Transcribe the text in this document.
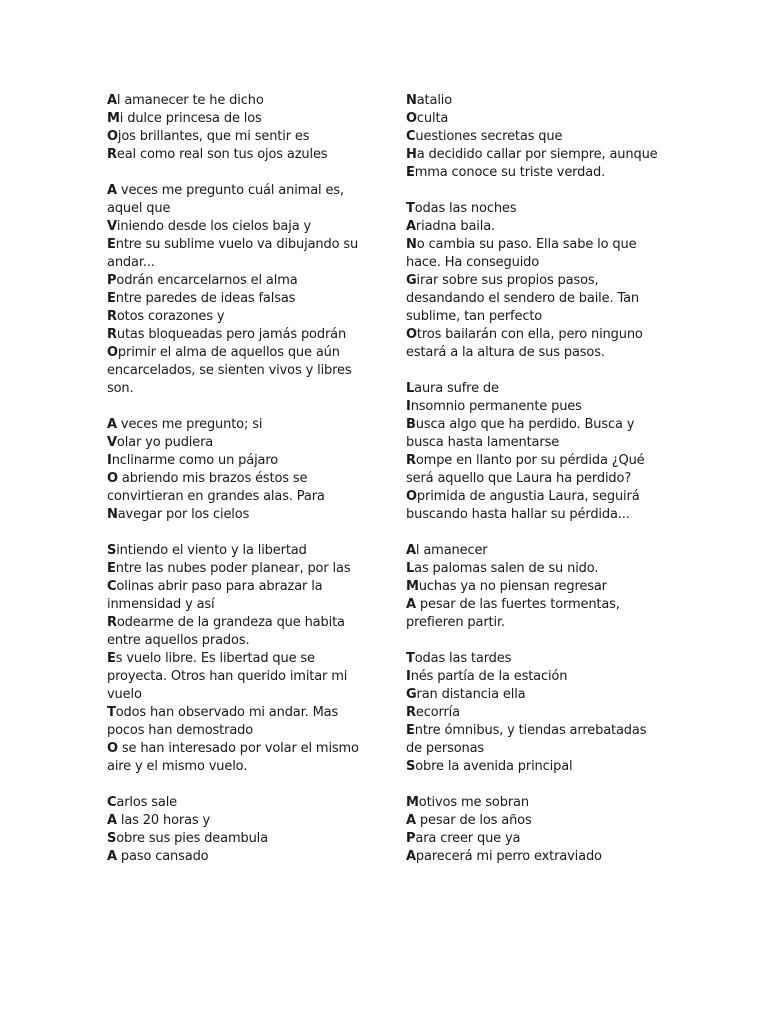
Al amanecer te he dicho
Mi dulce princesa de los
Ojos brillantes, que mi sentir es
Real como real son tus ojos azules
A veces me pregunto cuál animal es, aquel que
Viniendo desde los cielos baja y
Entre su sublime vuelo va dibujando su andar...
Podrán encarcelarnos el alma
Entre paredes de ideas falsas
Rotos corazones y
Rutas bloqueadas pero jamás podrán
Oprimir el alma de aquellos que aún encarcelados, se sienten vivos y libres son.
A veces me pregunto; si
Volar yo pudiera
Inclinarme como un pájaro
O abriendo mis brazos éstos se convirtieran en grandes alas. Para
Navegar por los cielos
Sintiendo el viento y la libertad
Entre las nubes poder planear, por las
Colinas abrir paso para abrazar la inmensidad y así
Rodearme de la grandeza que habita entre aquellos prados.
Es vuelo libre. Es libertad que se proyecta. Otros han querido imitar mi vuelo
Todos han observado mi andar. Mas pocos han demostrado
O se han interesado por volar el mismo aire y el mismo vuelo.
Carlos sale
A las 20 horas y
Sobre sus pies deambula
A paso cansado
Natalio
Oculta
Cuestiones secretas que
Ha decidido callar por siempre, aunque
Emma conoce su triste verdad.
Todas las noches
Ariadna baila.
No cambia su paso. Ella sabe lo que hace. Ha conseguido
Girar sobre sus propios pasos, desandando el sendero de baile. Tan sublime, tan perfecto
Otros bailarán con ella, pero ninguno estará a la altura de sus pasos.
Laura sufre de
Insomnio permanente pues
Busca algo que ha perdido. Busca y busca hasta lamentarse
Rompe en llanto por su pérdida ¿Qué será aquello que Laura ha perdido?
Oprimida de angustia Laura, seguirá buscando hasta hallar su pérdida...
Al amanecer
Las palomas salen de su nido.
Muchas ya no piensan regresar
A pesar de las fuertes tormentas, prefieren partir.
Todas las tardes
Inés partía de la estación
Gran distancia ella
Recorría
Entre ómnibus, y tiendas arrebatadas de personas
Sobre la avenida principal
Motivos me sobran
A pesar de los años
Para creer que ya
Aparecerá mi perro extraviado
